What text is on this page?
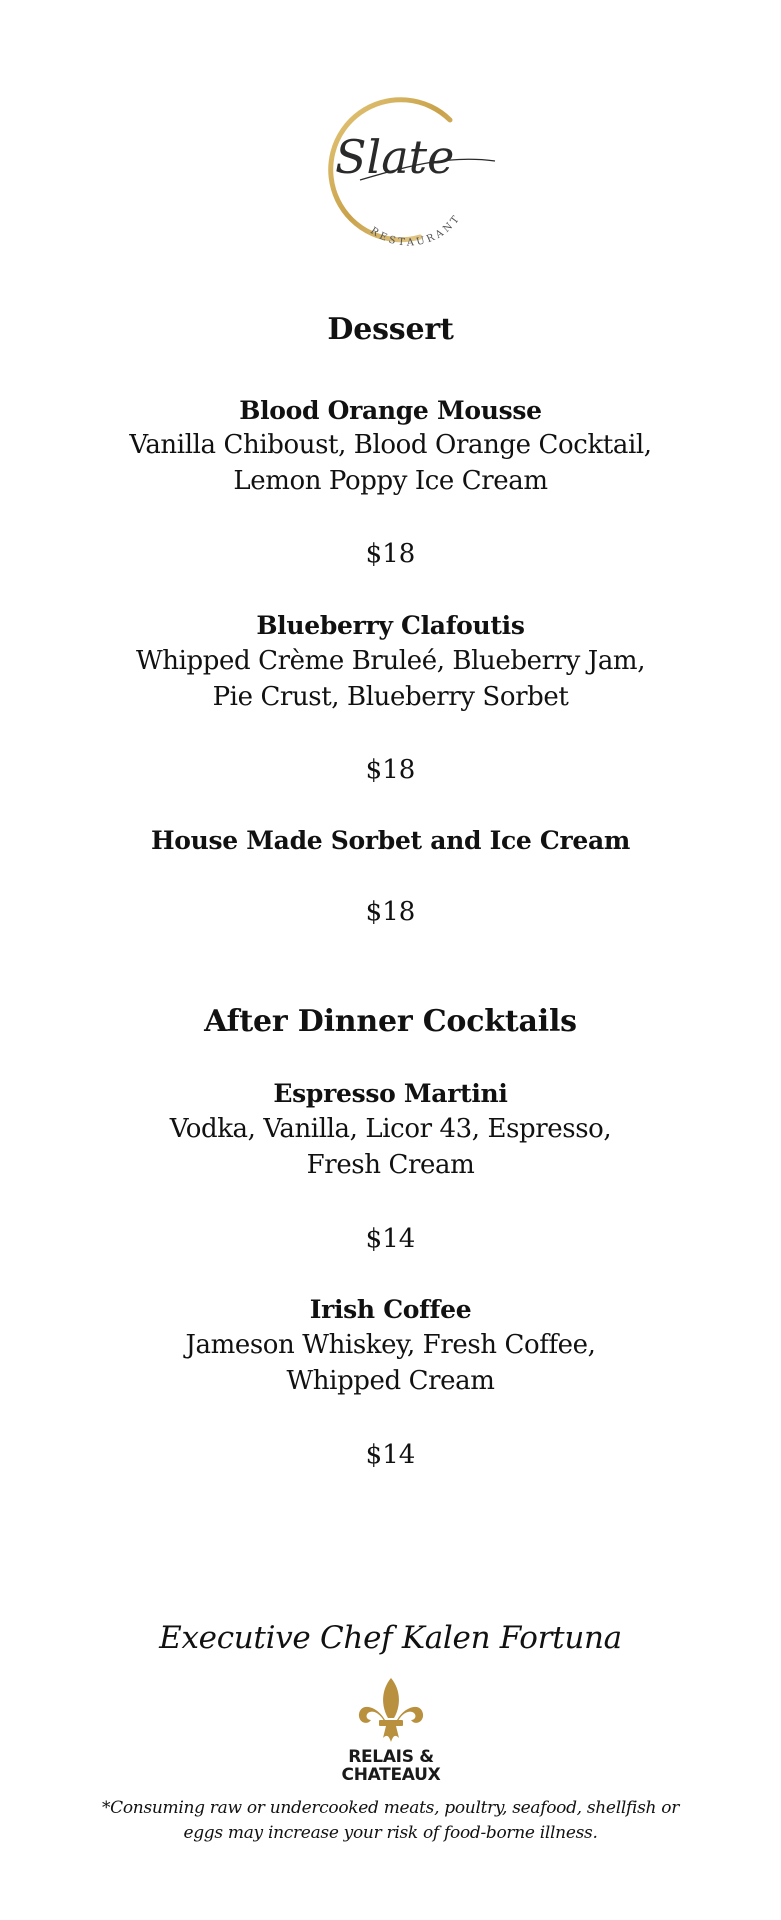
Slate
RESTAURANT
Dessert
Blood Orange Mousse
Vanilla Chiboust, Blood Orange Cocktail,
Lemon Poppy Ice Cream
$18
Blueberry Clafoutis
Whipped Crème Bruleé, Blueberry Jam,
Pie Crust, Blueberry Sorbet
$18
House Made Sorbet and Ice Cream
$18
After Dinner Cocktails
Espresso Martini
Vodka, Vanilla, Licor 43, Espresso,
Fresh Cream
$14
Irish Coffee
Jameson Whiskey, Fresh Coffee,
Whipped Cream
$14
Executive Chef Kalen Fortuna
RELAIS &
CHATEAUX
*Consuming raw or undercooked meats, poultry, seafood, shellfish or
eggs may increase your risk of food-borne illness.
